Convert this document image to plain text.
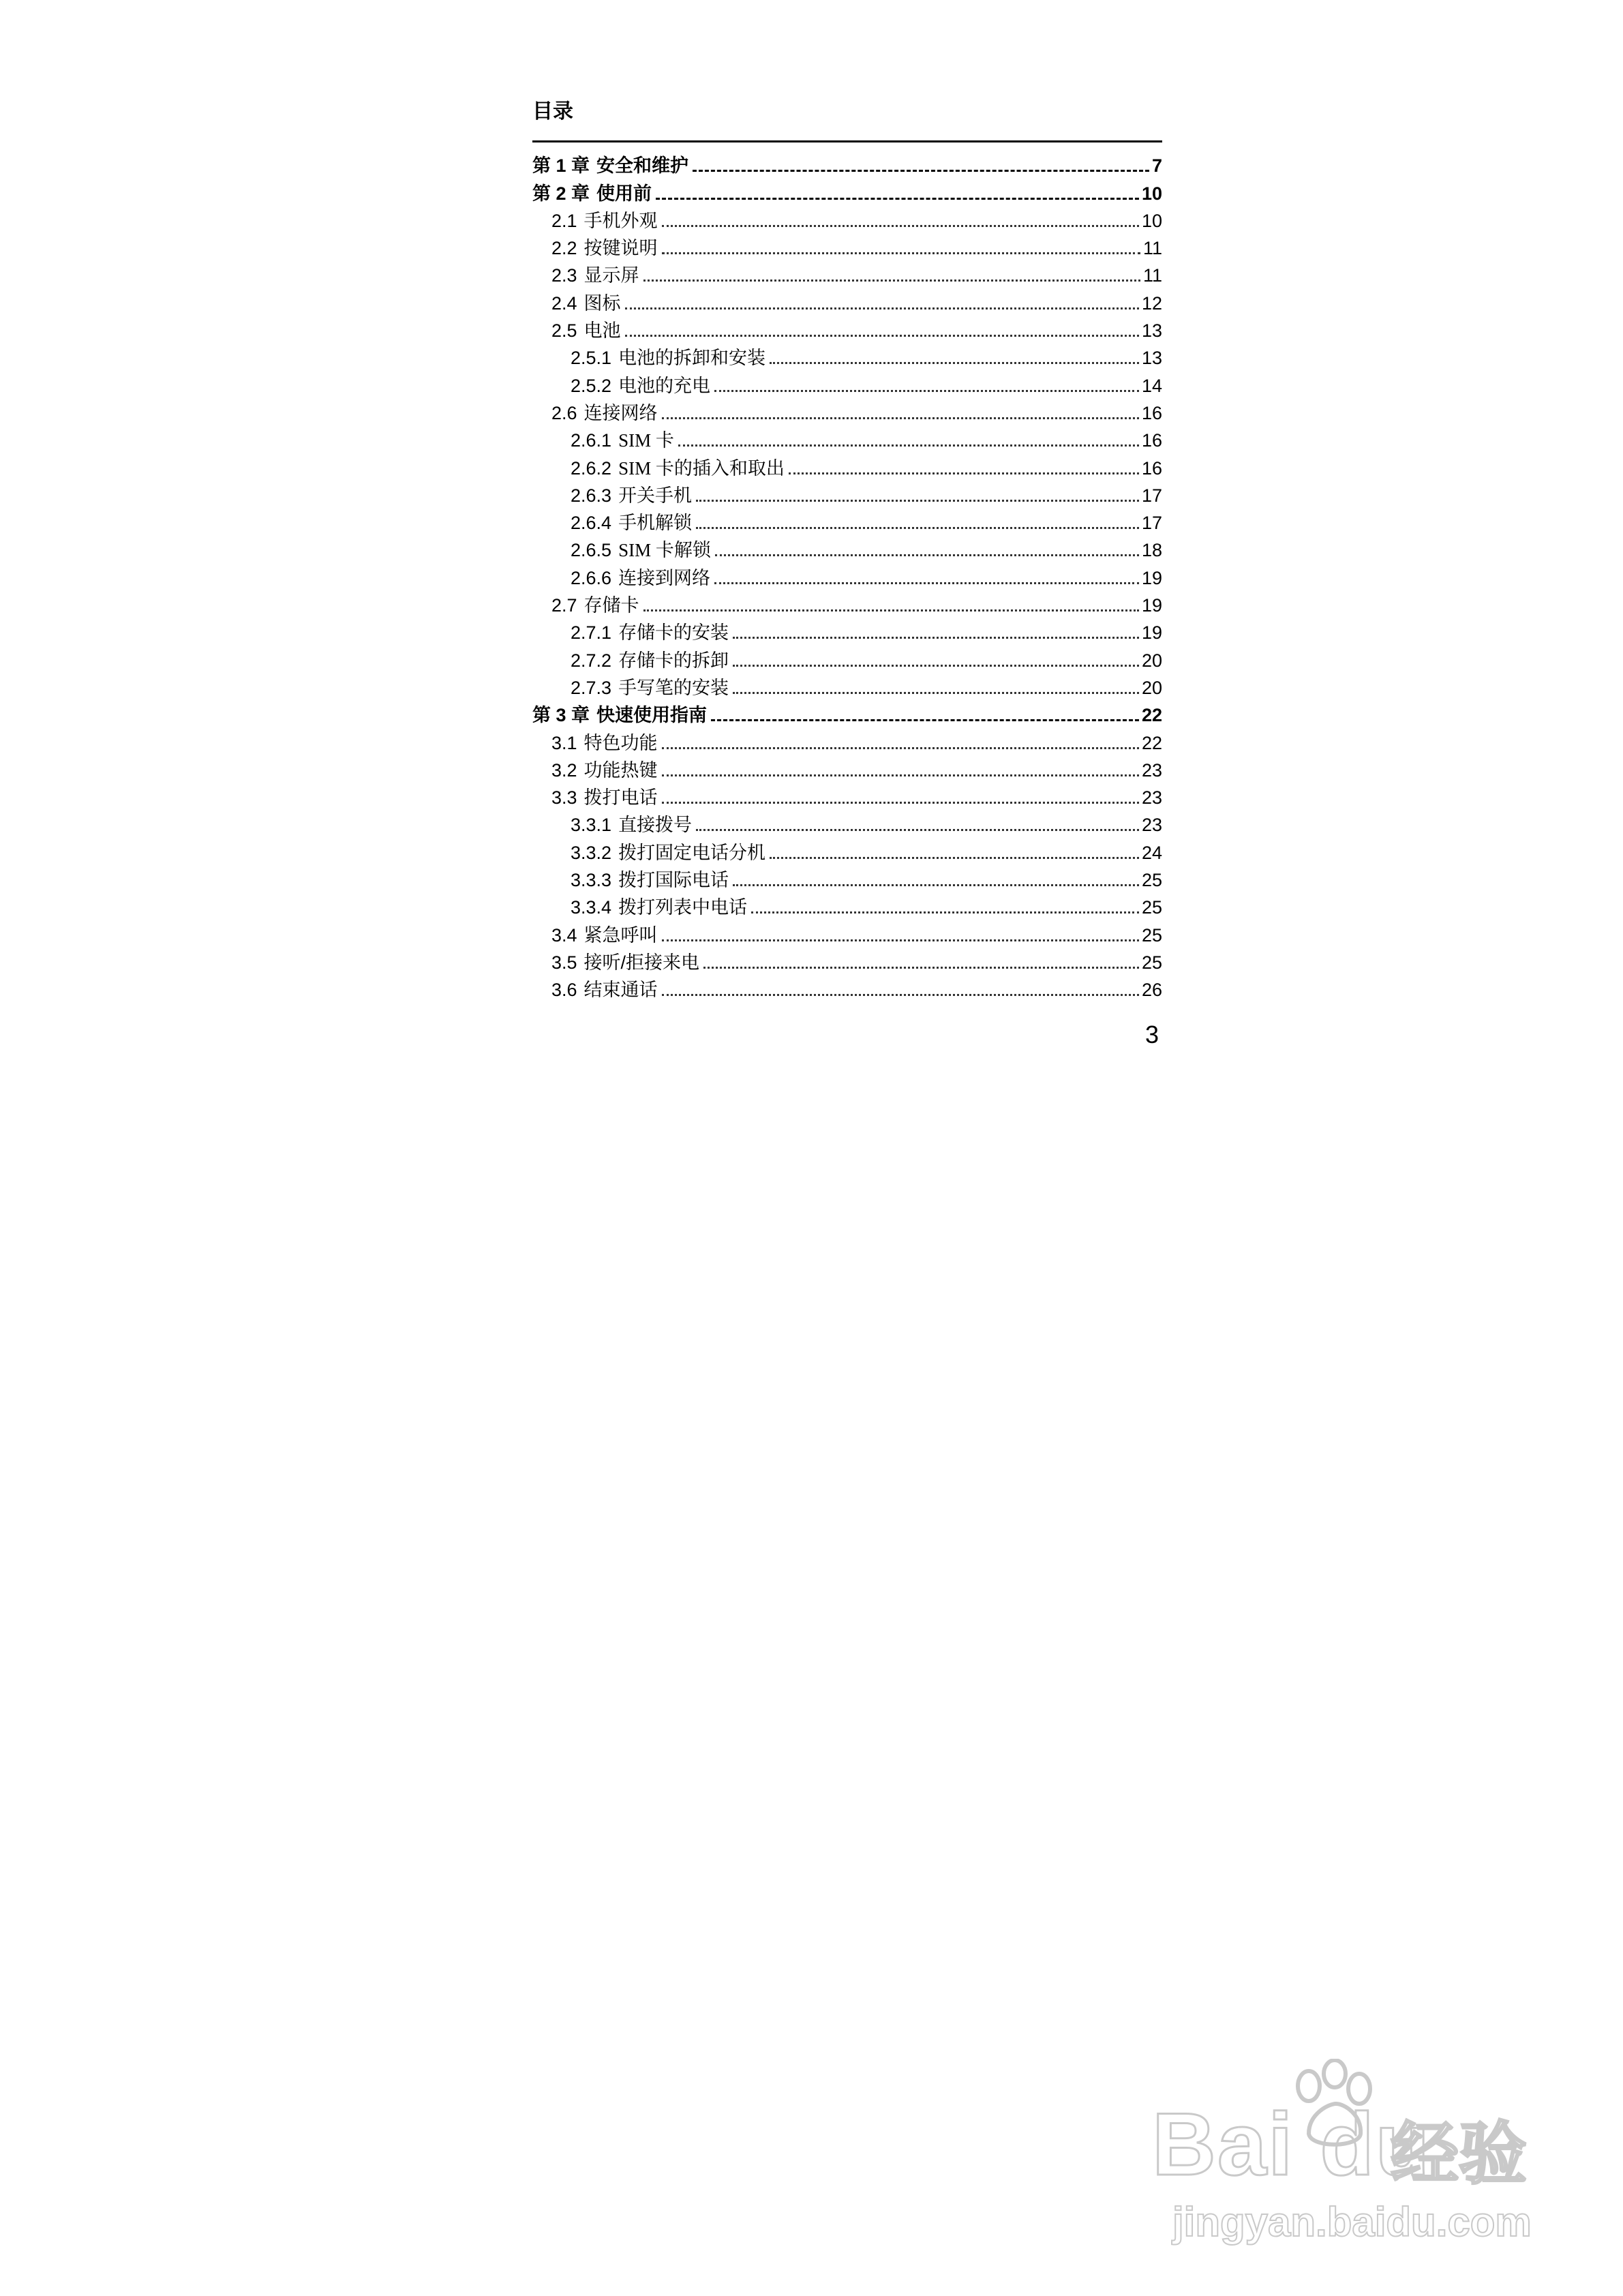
目录
第 1 章 安全和维护	7
第 2 章 使用前	10
2.1 手机外观	10
2.2 按键说明	11
2.3 显示屏	11
2.4 图标	12
2.5 电池	13
2.5.1 电池的拆卸和安装	13
2.5.2 电池的充电	14
2.6 连接网络	16
2.6.1 SIM 卡	16
2.6.2 SIM 卡的插入和取出	16
2.6.3 开关手机	17
2.6.4 手机解锁	17
2.6.5 SIM 卡解锁	18
2.6.6 连接到网络	19
2.7 存储卡	19
2.7.1 存储卡的安装	19
2.7.2 存储卡的拆卸	20
2.7.3 手写笔的安装	20
第 3 章 快速使用指南	22
3.1 特色功能	22
3.2 功能热键	23
3.3 拨打电话	23
3.3.1 直接拨号	23
3.3.2 拨打固定电话分机	24
3.3.3 拨打国际电话	25
3.3.4 拨打列表中电话	25
3.4 紧急呼叫	25
3.5 接听/拒接来电	25
3.6 结束通话	26
3
Bai du
经验
jingyan.baidu.com
